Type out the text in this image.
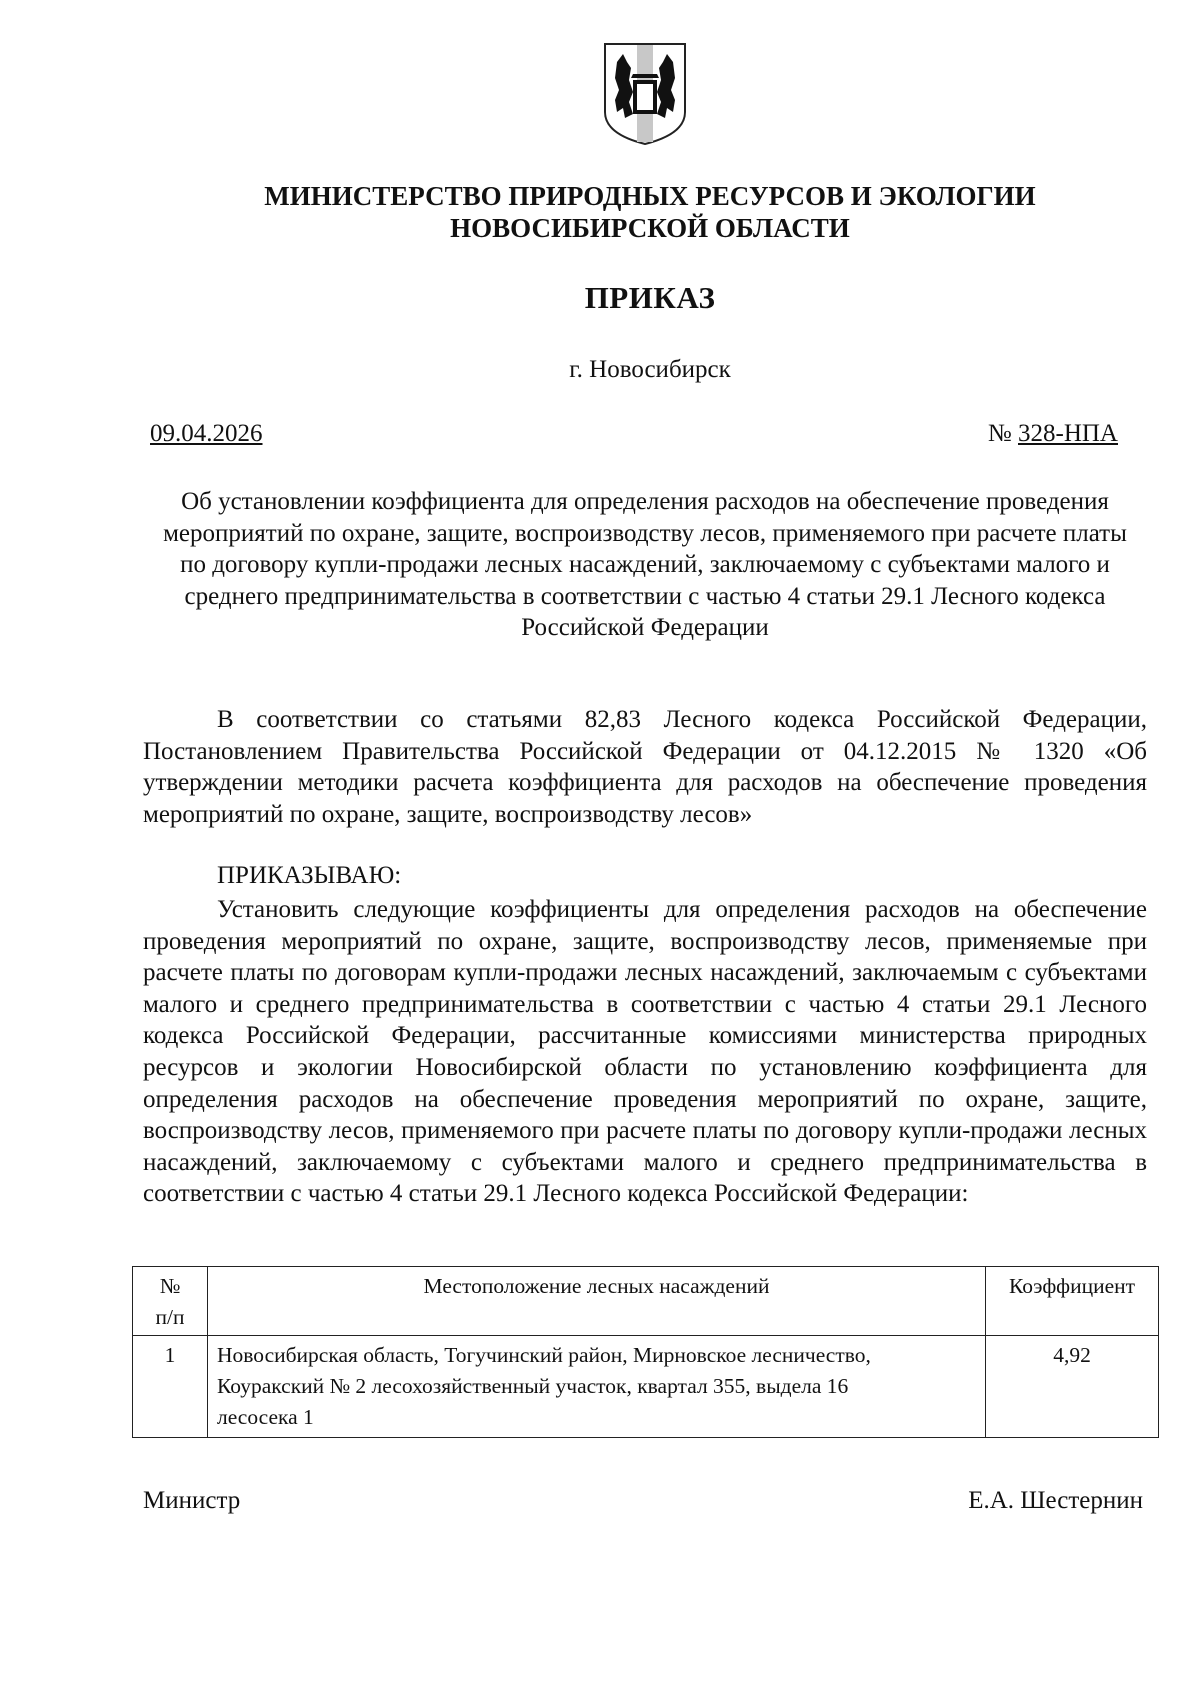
МИНИСТЕРСТВО ПРИРОДНЫХ РЕСУРСОВ И ЭКОЛОГИИ
НОВОСИБИРСКОЙ ОБЛАСТИ
ПРИКАЗ
г. Новосибирск
09.04.2026	№ 328-НПА
Об установлении коэффициента для определения расходов на обеспечение проведения мероприятий по охране, защите, воспроизводству лесов, применяемого при расчете платы по договору купли-продажи лесных насаждений, заключаемому с субъектами малого и среднего предпринимательства в соответствии с частью 4 статьи 29.1 Лесного кодекса Российской Федерации
В соответствии со статьями 82,83 Лесного кодекса Российской Федерации, Постановлением Правительства Российской Федерации от 04.12.2015 № 1320 «Об утверждении методики расчета коэффициента для расходов на обеспечение проведения мероприятий по охране, защите, воспроизводству лесов»
ПРИКАЗЫВАЮ:
Установить следующие коэффициенты для определения расходов на обеспечение проведения мероприятий по охране, защите, воспроизводству лесов, применяемые при расчете платы по договорам купли-продажи лесных насаждений, заключаемым с субъектами малого и среднего предпринимательства в соответствии с частью 4 статьи 29.1 Лесного кодекса Российской Федерации, рассчитанные комиссиями министерства природных ресурсов и экологии Новосибирской области по установлению коэффициента для определения расходов на обеспечение проведения мероприятий по охране, защите, воспроизводству лесов, применяемого при расчете платы по договору купли-продажи лесных насаждений, заключаемому с субъектами малого и среднего предпринимательства в соответствии с частью 4 статьи 29.1 Лесного кодекса Российской Федерации:
№
п/п	Местоположение лесных насаждений	Коэффициент
1	Новосибирская область, Тогучинский район, Мирновское лесничество,
Коуракский № 2 лесохозяйственный участок, квартал 355, выдела 16
лесосека 1	4,92
Министр	Е.А. Шестернин
